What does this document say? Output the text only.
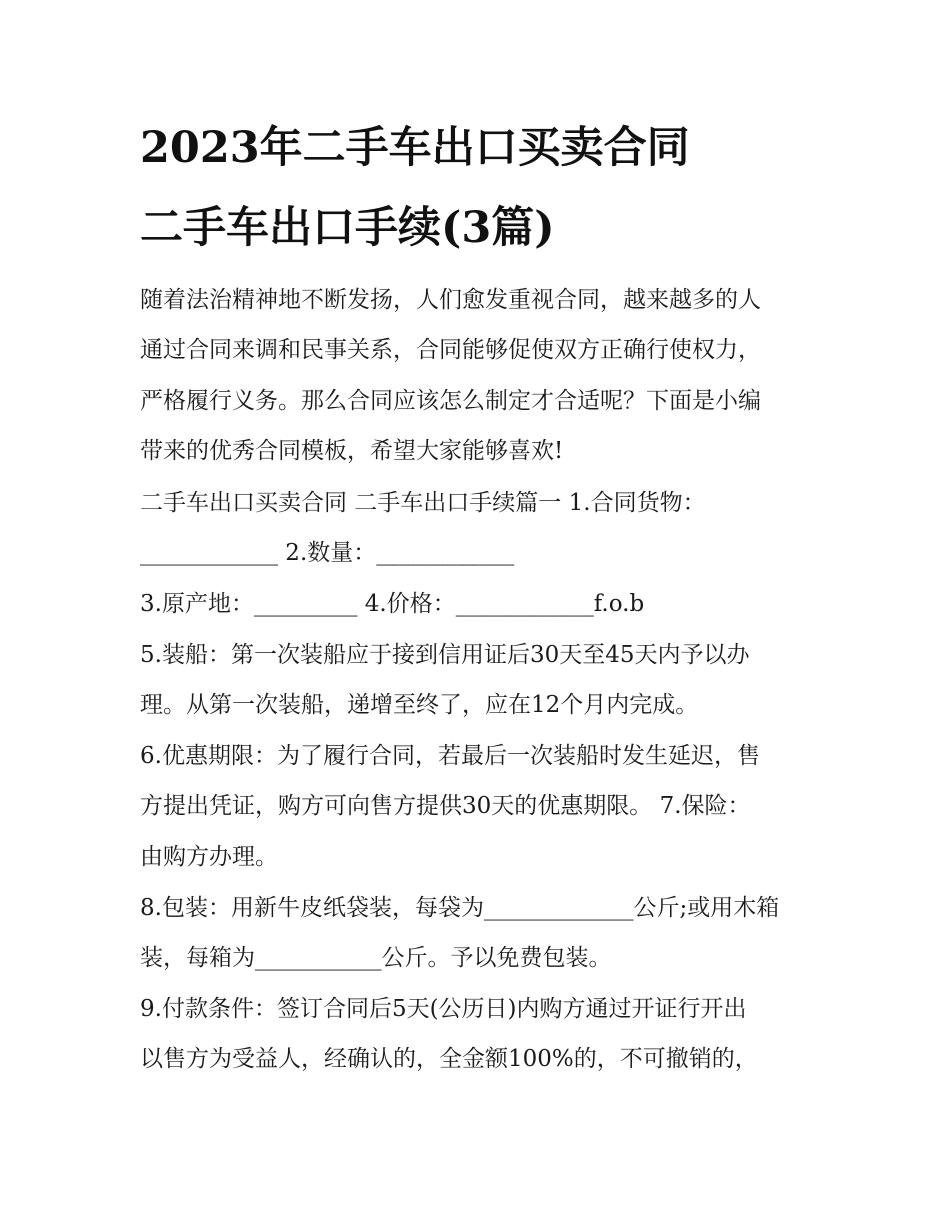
2023年二手车出口买卖合同
二手车出口手续(3篇)

随着法治精神地不断发扬，人们愈发重视合同，越来越多的人

通过合同来调和民事关系，合同能够促使双方正确行使权力，

严格履行义务。那么合同应该怎么制定才合适呢？下面是小编

带来的优秀合同模板，希望大家能够喜欢!

二手车出口买卖合同 二手车出口手续篇一 1.合同货物：

____________ 2.数量：____________

3.原产地：_________ 4.价格：____________f.o.b

5.装船：第一次装船应于接到信用证后30天至45天内予以办

理。从第一次装船，递增至终了，应在12个月内完成。

6.优惠期限：为了履行合同，若最后一次装船时发生延迟，售

方提出凭证，购方可向售方提供30天的优惠期限。 7.保险：

由购方办理。

8.包装：用新牛皮纸袋装，每袋为_____________公斤;或用木箱

装，每箱为___________公斤。予以免费包装。

9.付款条件：签订合同后5天(公历日)内购方通过开证行开出

以售方为受益人，经确认的，全金额100%的，不可撤销的，
